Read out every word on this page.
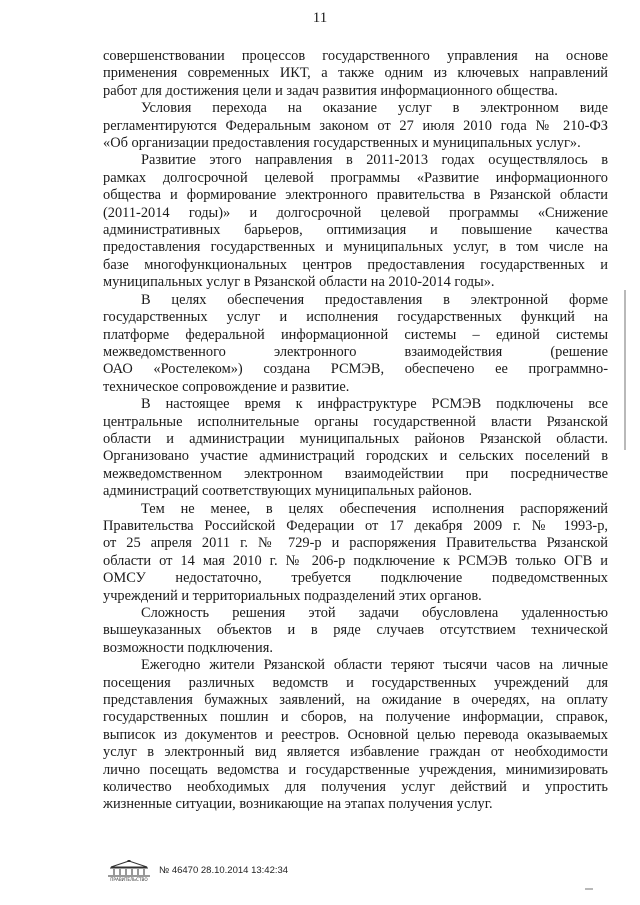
11
совершенствовании процессов государственного управления на основе
применения современных ИКТ, а также одним из ключевых направлений
работ для достижения цели и задач развития информационного общества.
Условия перехода на оказание услуг в электронном виде
регламентируются Федеральным законом от 27 июля 2010 года № 210-ФЗ
«Об организации предоставления государственных и муниципальных услуг».
Развитие этого направления в 2011-2013 годах осуществлялось в
рамках долгосрочной целевой программы «Развитие информационного
общества и формирование электронного правительства в Рязанской области
(2011-2014 годы)» и долгосрочной целевой программы «Снижение
административных барьеров, оптимизация и повышение качества
предоставления государственных и муниципальных услуг, в том числе на
базе многофункциональных центров предоставления государственных и
муниципальных услуг в Рязанской области на 2010-2014 годы».
В целях обеспечения предоставления в электронной форме
государственных услуг и исполнения государственных функций на
платформе федеральной информационной системы – единой системы
межведомственного электронного взаимодействия (решение
ОАО «Ростелеком») создана РСМЭВ, обеспечено ее программно-
техническое сопровождение и развитие.
В настоящее время к инфраструктуре РСМЭВ подключены все
центральные исполнительные органы государственной власти Рязанской
области и администрации муниципальных районов Рязанской области.
Организовано участие администраций городских и сельских поселений в
межведомственном электронном взаимодействии при посредничестве
администраций соответствующих муниципальных районов.
Тем не менее, в целях обеспечения исполнения распоряжений
Правительства Российской Федерации от 17 декабря 2009 г. № 1993-р,
от 25 апреля 2011 г. № 729-р и распоряжения Правительства Рязанской
области от 14 мая 2010 г. № 206-р подключение к РСМЭВ только ОГВ и
ОМСУ недостаточно, требуется подключение подведомственных
учреждений и территориальных подразделений этих органов.
Сложность решения этой задачи обусловлена удаленностью
вышеуказанных объектов и в ряде случаев отсутствием технической
возможности подключения.
Ежегодно жители Рязанской области теряют тысячи часов на личные
посещения различных ведомств и государственных учреждений для
представления бумажных заявлений, на ожидание в очередях, на оплату
государственных пошлин и сборов, на получение информации, справок,
выписок из документов и реестров. Основной целью перевода оказываемых
услуг в электронный вид является избавление граждан от необходимости
лично посещать ведомства и государственные учреждения, минимизировать
количество необходимых для получения услуг действий и упростить
жизненные ситуации, возникающие на этапах получения услуг.
ПРАВИТЕЛЬСТВО
№ 46470 28.10.2014 13:42:34
